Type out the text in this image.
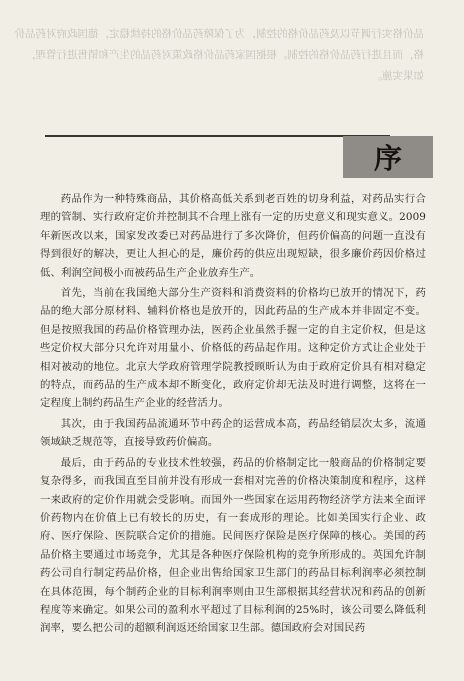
品价格实行调节以及药品价格的控制，为了保障药品价格的持续稳定，德国政府对药品价

格，而且进行药品价格的控制。根据国家药品价格政策对药品的生产和销售进行管理，

如果实施。

序

药品作为一种特殊商品，其价格高低关系到老百姓的切身利益，对药品实行合理的管制、实行政府定价并控制其不合理上涨有一定的历史意义和现实意义。2009年新医改以来，国家发改委已对药品进行了多次降价，但药价偏高的问题一直没有得到很好的解决，更让人担心的是，廉价药的供应出现短缺，很多廉价药因价格过低、利润空间极小而被药品生产企业放弃生产。

首先，当前在我国绝大部分生产资料和消费资料的价格均已放开的情况下，药品的绝大部分原材料、辅料价格也是放开的，因此药品的生产成本并非固定不变。但是按照我国的药品价格管理办法，医药企业虽然手握一定的自主定价权，但是这些定价权大部分只允许对用量小、价格低的药品起作用。这种定价方式让企业处于相对被动的地位。北京大学政府管理学院教授顾昕认为由于政府定价具有相对稳定的特点，而药品的生产成本却不断变化，政府定价却无法及时进行调整，这将在一定程度上制约药品生产企业的经营活力。

其次，由于我国药品流通环节中药企的运营成本高，药品经销层次太多，流通领域缺乏规范等，直接导致药价偏高。

最后，由于药品的专业技术性较强，药品的价格制定比一般商品的价格制定要复杂得多，而我国直至目前并没有形成一套相对完善的价格决策制度和程序，这样一来政府的定价作用就会受影响。而国外一些国家在运用药物经济学方法来全面评价药物内在价值上已有较长的历史，有一套成形的理论。比如美国实行企业、政府、医疗保险、医院联合定价的措施。民间医疗保险是医疗保障的核心。美国的药品价格主要通过市场竞争，尤其是各种医疗保险机构的竞争所形成的。英国允许制药公司自行制定药品价格，但企业出售给国家卫生部门的药品目标利润率必须控制在具体范围，每个制药企业的目标利润率则由卫生部根据其经营状况和药品的创新程度等来确定。如果公司的盈利水平超过了目标利润的25%时，该公司要么降低利润率，要么把公司的超额利润返还给国家卫生部。德国政府会对国民药
